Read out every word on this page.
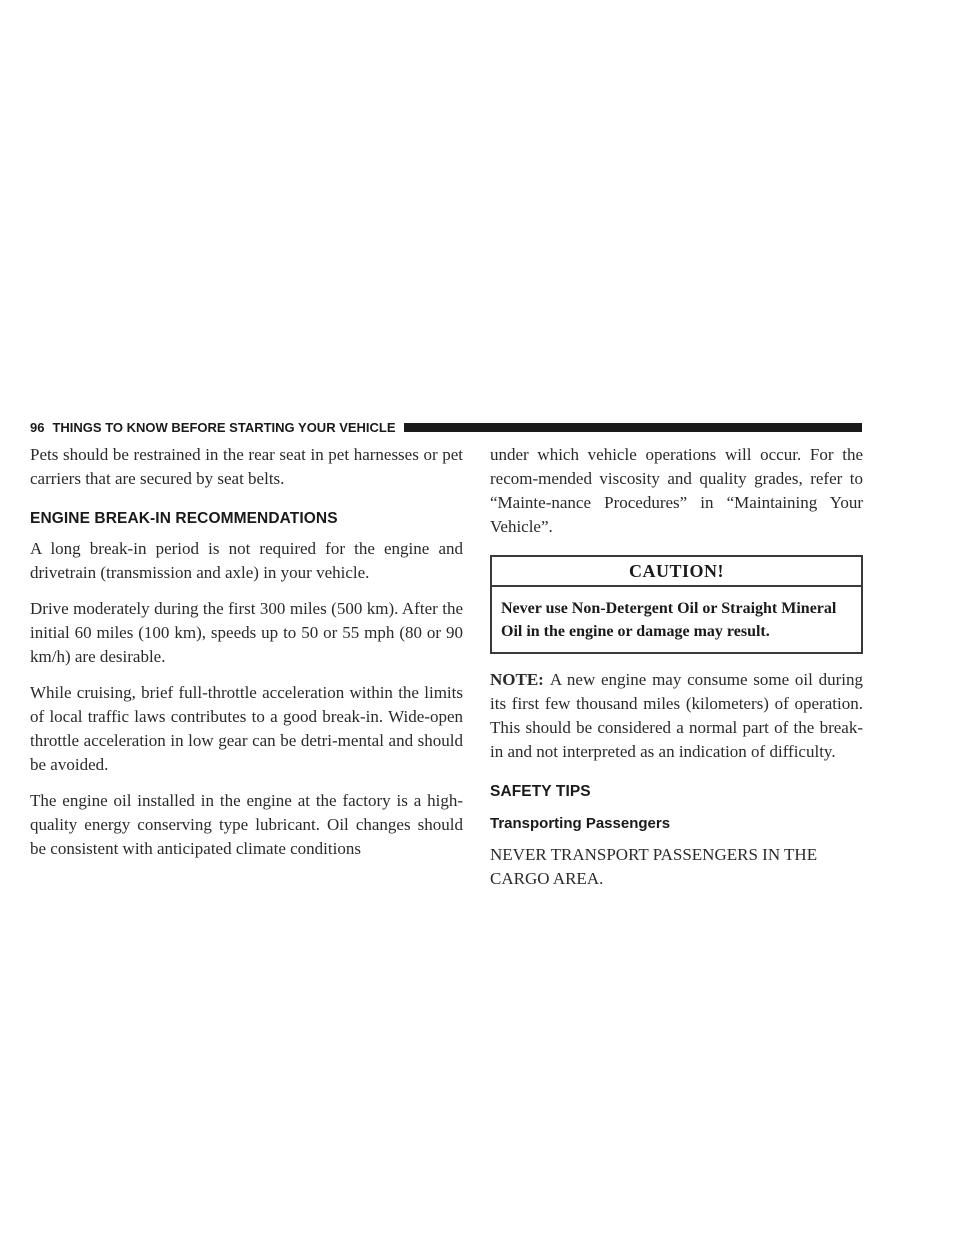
96 THINGS TO KNOW BEFORE STARTING YOUR VEHICLE

Pets should be restrained in the rear seat in pet harnesses or pet carriers that are secured by seat belts.

ENGINE BREAK-IN RECOMMENDATIONS

A long break-in period is not required for the engine and drivetrain (transmission and axle) in your vehicle.

Drive moderately during the first 300 miles (500 km). After the initial 60 miles (100 km), speeds up to 50 or 55 mph (80 or 90 km/h) are desirable.

While cruising, brief full-throttle acceleration within the limits of local traffic laws contributes to a good break-in. Wide-open throttle acceleration in low gear can be detri-mental and should be avoided.

The engine oil installed in the engine at the factory is a high-quality energy conserving type lubricant. Oil changes should be consistent with anticipated climate conditions

under which vehicle operations will occur. For the recom-mended viscosity and quality grades, refer to “Mainte-nance Procedures” in “Maintaining Your Vehicle”.

CAUTION!
Never use Non-Detergent Oil or Straight Mineral Oil in the engine or damage may result.

NOTE: A new engine may consume some oil during its first few thousand miles (kilometers) of operation. This should be considered a normal part of the break-in and not interpreted as an indication of difficulty.

SAFETY TIPS
Transporting Passengers

NEVER TRANSPORT PASSENGERS IN THE CARGO AREA.
